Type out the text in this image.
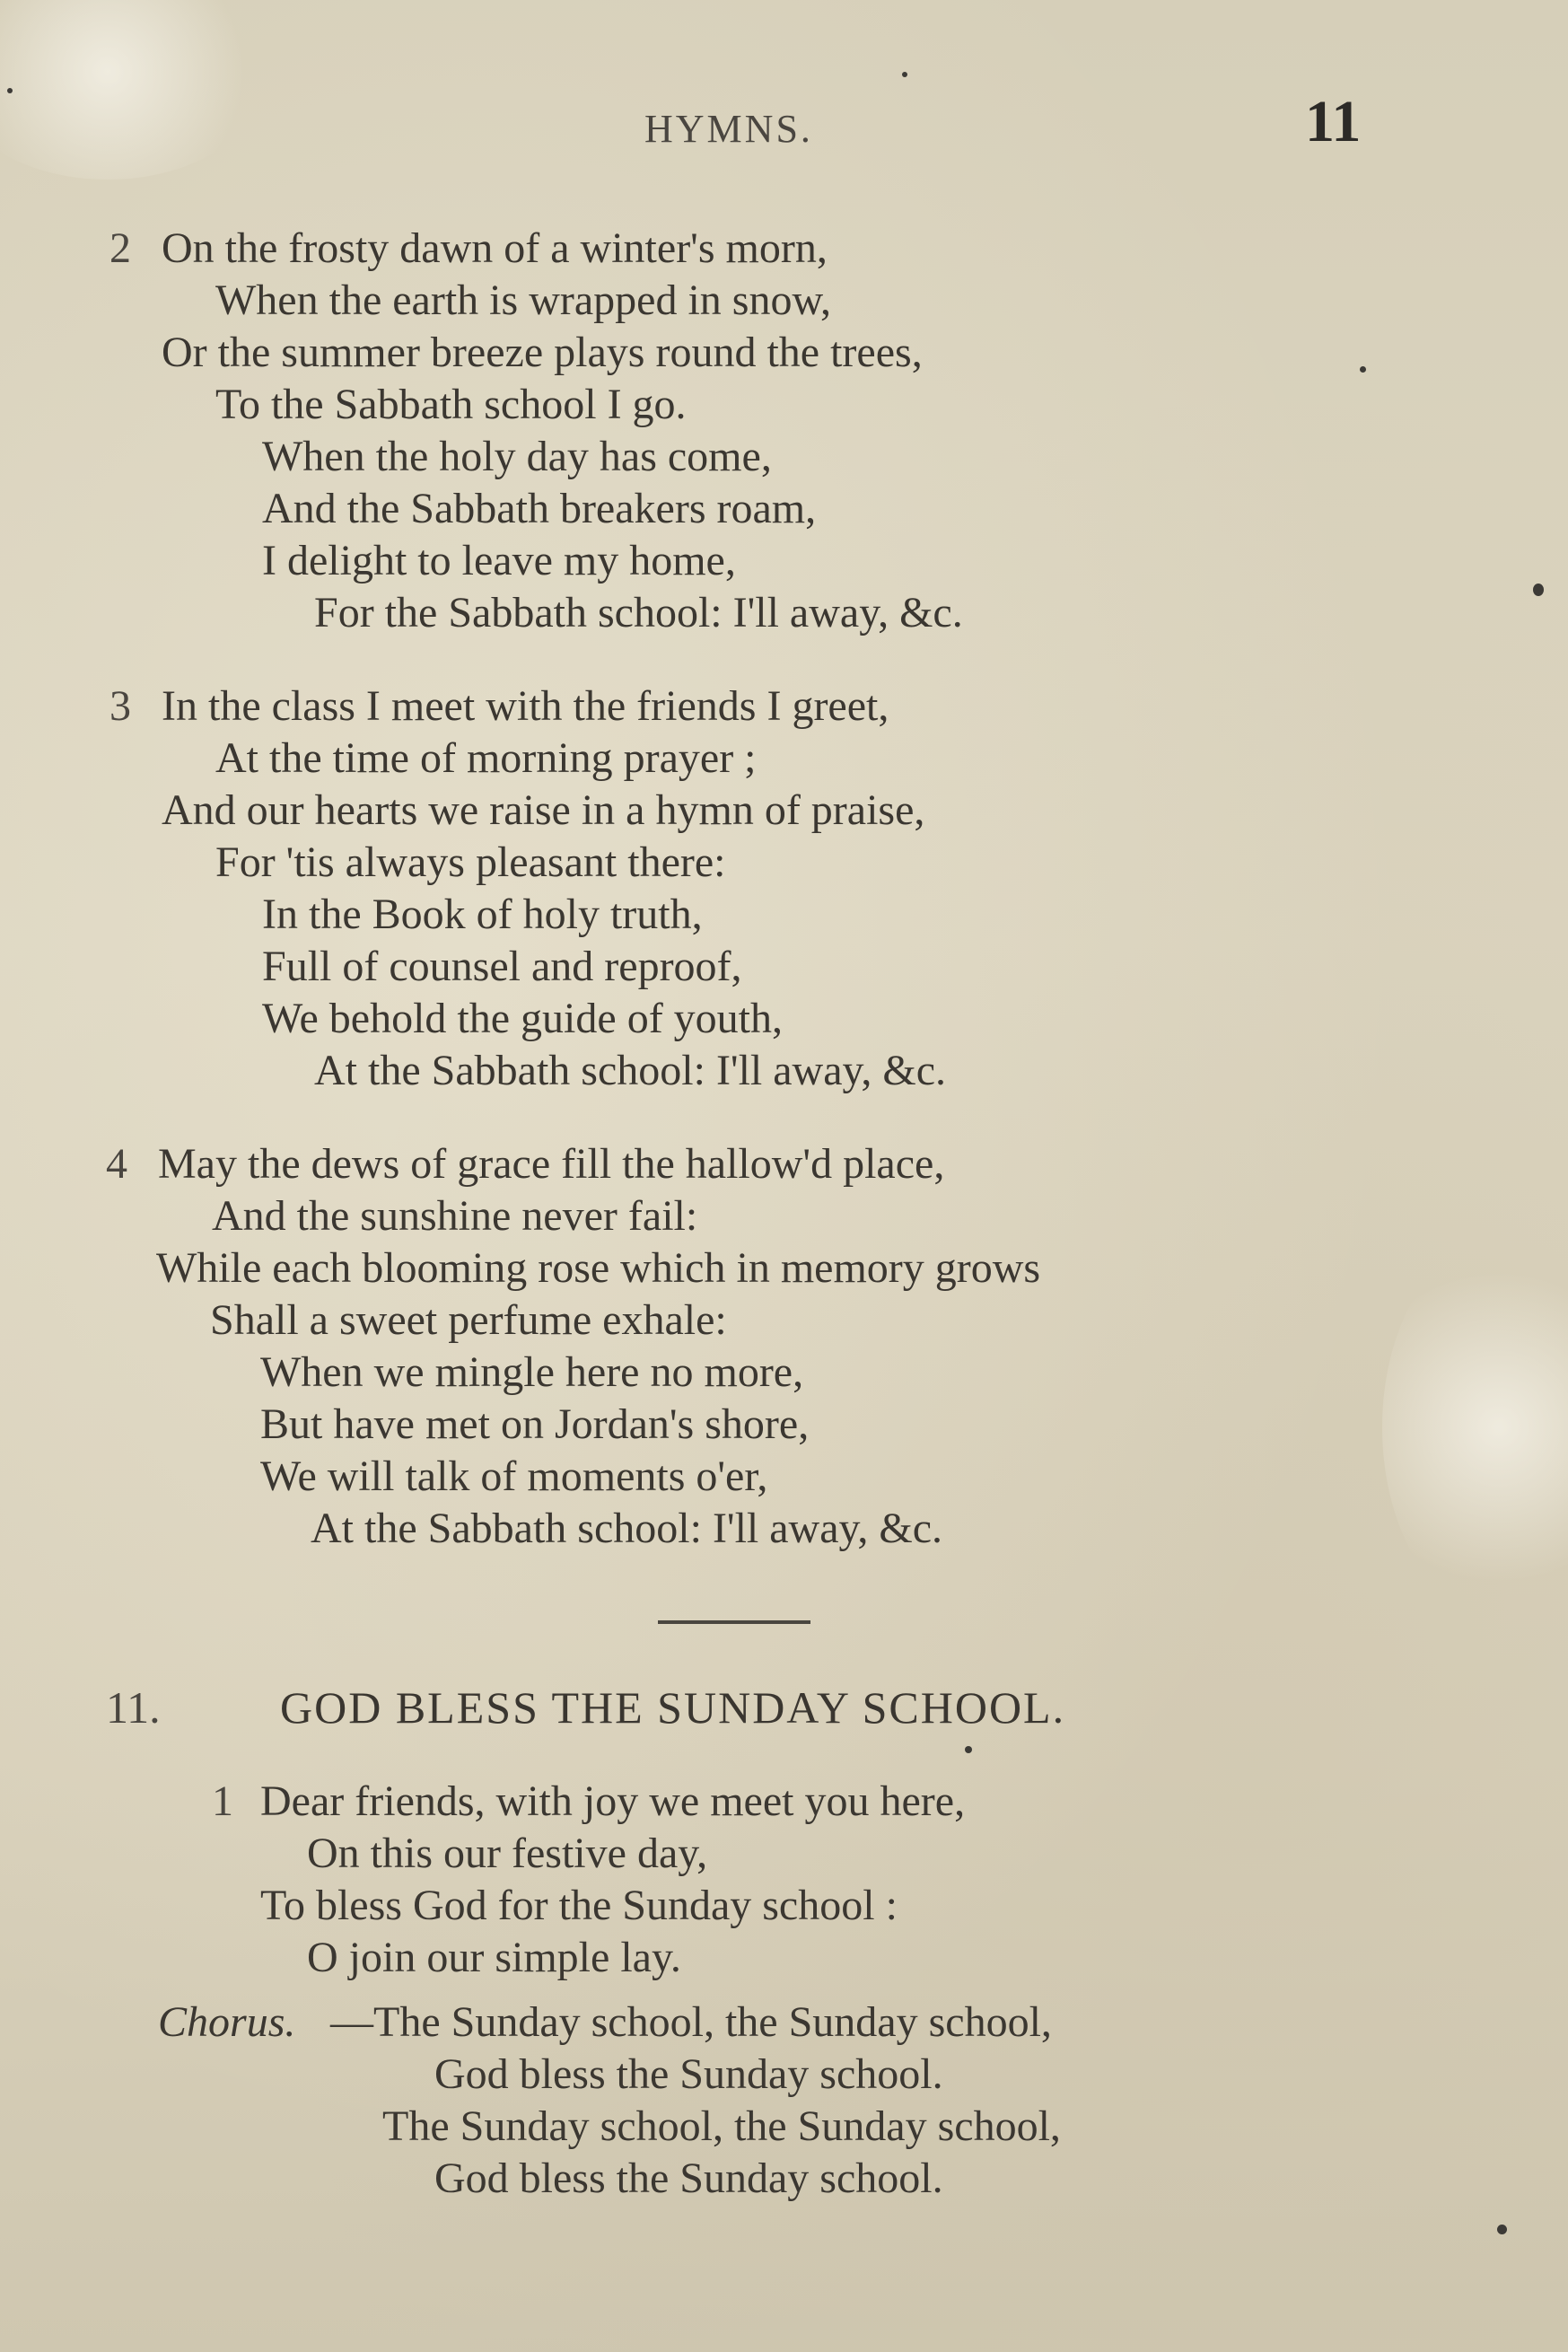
HYMNS.	11
2 On the frosty dawn of a winter's morn,
When the earth is wrapped in snow,
Or the summer breeze plays round the trees,
To the Sabbath school I go.
When the holy day has come,
And the Sabbath breakers roam,
I delight to leave my home,
For the Sabbath school: I'll away, &c.
3 In the class I meet with the friends I greet,
At the time of morning prayer ;
And our hearts we raise in a hymn of praise,
For 'tis always pleasant there:
In the Book of holy truth,
Full of counsel and reproof,
We behold the guide of youth,
At the Sabbath school: I'll away, &c.
4 May the dews of grace fill the hallow'd place,
And the sunshine never fail:
While each blooming rose which in memory grows
Shall a sweet perfume exhale:
When we mingle here no more,
But have met on Jordan's shore,
We will talk of moments o'er,
At the Sabbath school: I'll away, &c.
11.	GOD BLESS THE SUNDAY SCHOOL.
1 Dear friends, with joy we meet you here,
On this our festive day,
To bless God for the Sunday school :
O join our simple lay.
Chorus. —The Sunday school, the Sunday school,
God bless the Sunday school.
The Sunday school, the Sunday school,
God bless the Sunday school.
